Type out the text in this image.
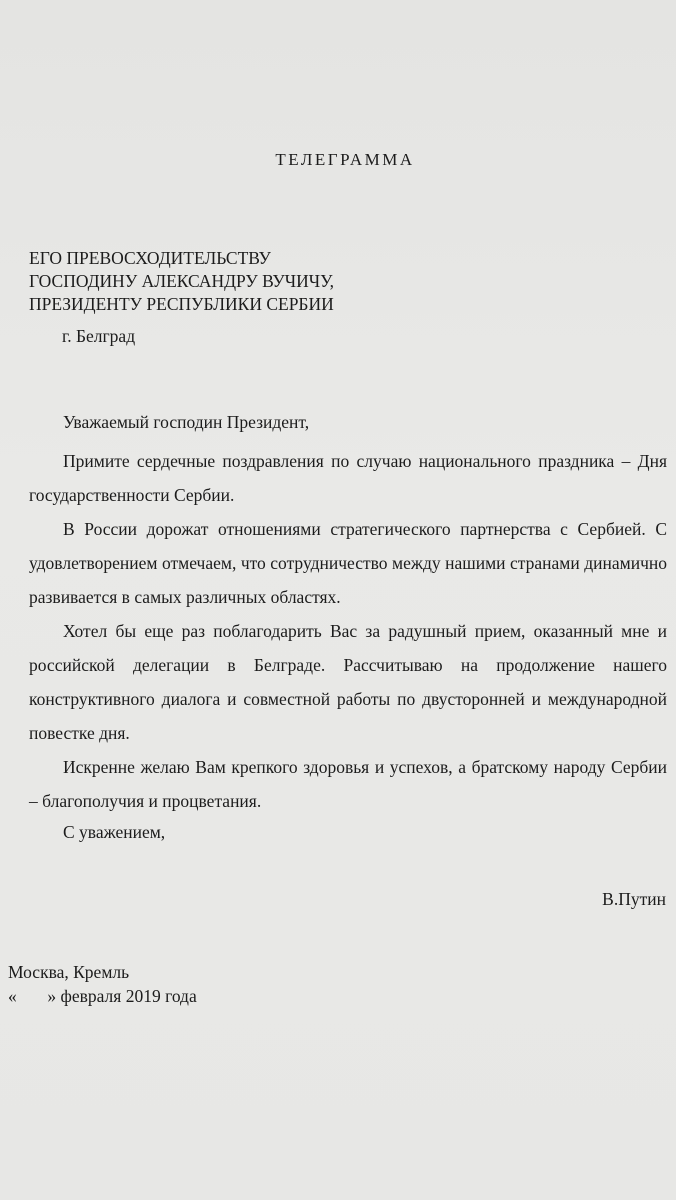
ТЕЛЕГРАММА
ЕГО ПРЕВОСХОДИТЕЛЬСТВУ
ГОСПОДИНУ АЛЕКСАНДРУ ВУЧИЧУ,
ПРЕЗИДЕНТУ РЕСПУБЛИКИ СЕРБИИ
г. Белград
Уважаемый господин Президент,
Примите сердечные поздравления по случаю национального праздника – Дня государственности Сербии.
В России дорожат отношениями стратегического партнерства с Сербией. С удовлетворением отмечаем, что сотрудничество между нашими странами динамично развивается в самых различных областях.
Хотел бы еще раз поблагодарить Вас за радушный прием, оказанный мне и российской делегации в Белграде. Рассчитываю на продолжение нашего конструктивного диалога и совместной работы по двусторонней и международной повестке дня.
Искренне желаю Вам крепкого здоровья и успехов, а братскому народу Сербии – благополучия и процветания.
С уважением,
В.Путин
Москва, Кремль
«       » февраля 2019 года
